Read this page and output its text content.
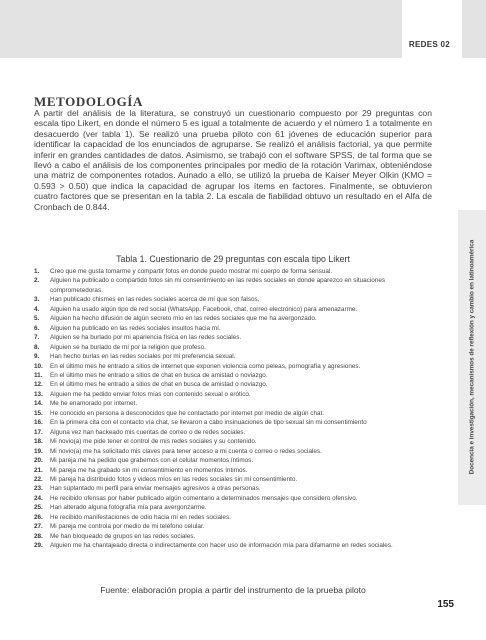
REDES 02
Docencia e investigación, mecanismos de reflexión y cambio en latinoamérica
METODOLOGÍA

A partir del análisis de la literatura, se construyó un cuestionario compuesto por 29 preguntas con escala tipo Likert, en donde el número 5 es igual a totalmente de acuerdo y el número 1 a totalmente en desacuerdo (ver tabla 1). Se realizó una prueba piloto con 61 jóvenes de educación superior para identificar la capacidad de los enunciados de agruparse. Se realizó el análisis factorial, ya que permite inferir en grandes cantidades de datos. Asimismo, se trabajó con el software SPSS, de tal forma que se llevó a cabo el análisis de los componentes principales por medio de la rotación Varimax, obteniéndose una matriz de componentes rotados. Aunado a ello, se utilizó la prueba de Kaiser Meyer Olkin (KMO = 0.593 > 0.50) que indica la capacidad de agrupar los ítems en factores. Finalmente, se obtuvieron cuatro factores que se presentan en la tabla 2. La escala de fiabilidad obtuvo un resultado en el Alfa de Cronbach de 0.844.

Tabla 1. Cuestionario de 29 preguntas con escala tipo Likert
1.	Creo que me gusta tomarme y compartir fotos en donde puedo mostrar mi cuerpo de forma sensual.
2.	Alguien ha publicado o compartido fotos sin mi consentimiento en las redes sociales en donde aparezco en situaciones comprometedoras.
3.	Han publicado chismes en las redes sociales acerca de mí que son falsos.
4.	Alguien ha usado algún tipo de red social (WhatsApp, Facebook, chat, correo electrónico) para amenazarme.
5.	Alguien ha hecho difusión de algún secreto mío en las redes sociales que me ha avergonzado.
6.	Alguien ha publicado en las redes sociales insultos hacia mí.
7.	Alguien se ha burlado por mi apariencia física en las redes sociales.
8.	Alguien se ha burlado de mí por la religión que profeso.
9.	Han hecho burlas en las redes sociales por mi preferencia sexual.
10.	En el último mes he entrado a sitios de internet que exponen violencia como peleas, pornografía y agresiones.
11.	En el último mes he entrado a sitios de chat en busca de amistad o noviazgo.
12.	En el último mes he entrado a sitios de chat en busca de amistad o noviazgo.
13.	Alguien me ha pedido enviar fotos mías con contenido sexual o erótico.
14.	Me he enamorado por internet.
15.	He conocido en persona a desconocidos que he contactado por internet por medio de algún chat.
16.	En la primera cita con el contacto vía chat, se llevaron a cabo insinuaciones de tipo sexual sin mi consentimiento
17.	Alguna vez han hackeado mis cuentas de correo o de redes sociales.
18.	Mi novio(a) me pide tener el control de mis redes sociales y su contenido.
19.	Mi novio(a) me ha solicitado mis claves para tener acceso a mi cuenta o correo o redes sociales.
20.	Mi pareja me ha pedido que grabemos con el celular momentos íntimos.
21.	Mi pareja me ha grabado sin mi consentimiento en momentos íntimos.
22.	Mi pareja ha distribuido fotos y videos míos en las redes sociales sin mi consentimiento.
23.	Han suplantado mi perfil para enviar mensajes agresivos a otras personas.
24.	He recibido ofensas por haber publicado algún comentario a determinados mensajes que considero ofensivo.
25.	Han alterado alguna fotografía mía para avergonzarme.
26.	He recibido manifestaciones de odio hacia mí en redes sociales.
27.	Mi pareja me controla por medio de mi teléfono celular.
28.	Me han bloqueado de grupos en las redes sociales.
29.	Alguien me ha chantajeado directa o indirectamente con hacer uso de información mía para difamarme en redes sociales.
Fuente: elaboración propia a partir del instrumento de la prueba piloto
155
